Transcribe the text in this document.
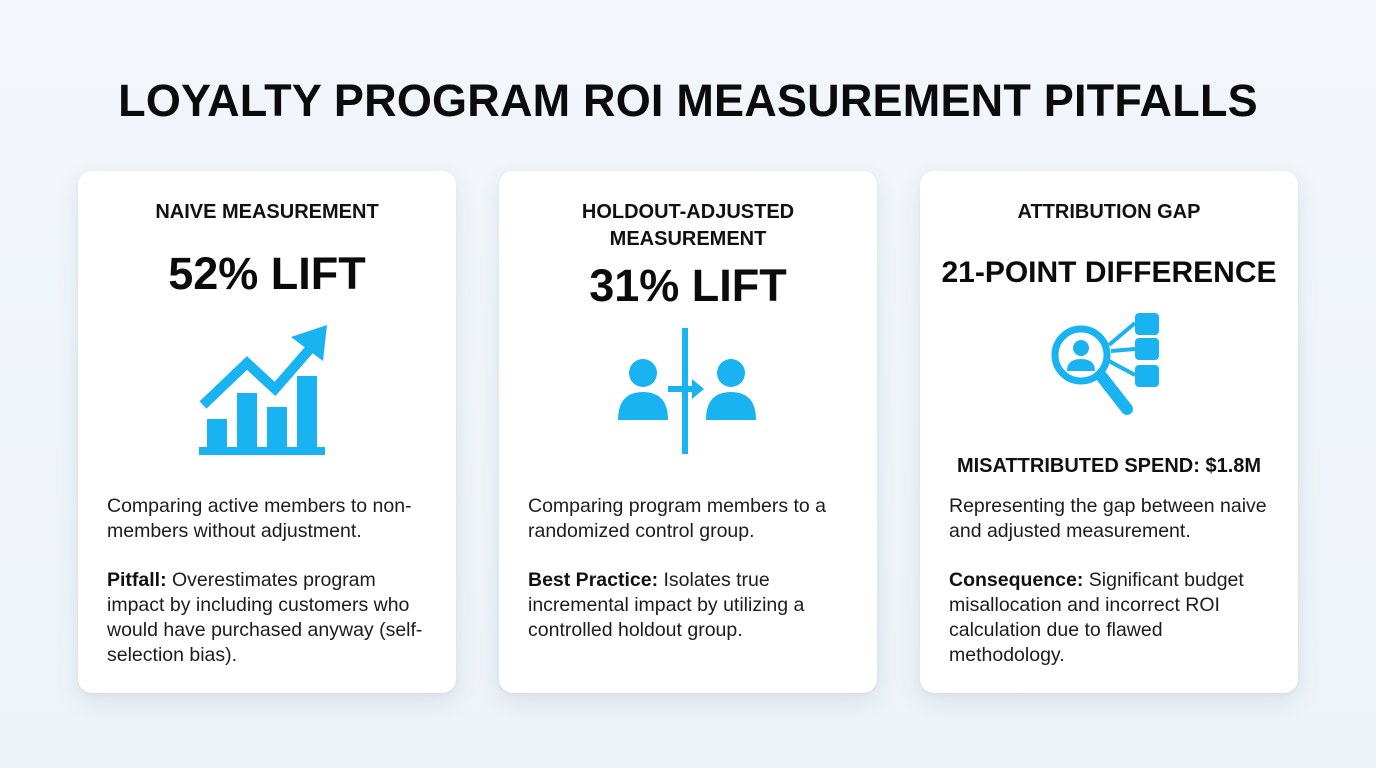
LOYALTY PROGRAM ROI MEASUREMENT PITFALLS
NAIVE MEASUREMENT
52% LIFT

Comparing active members to non-members without adjustment.

Pitfall: Overestimates program impact by including customers who would have purchased anyway (self-selection bias).

HOLDOUT-ADJUSTED MEASUREMENT
31% LIFT

Comparing program members to a randomized control group.

Best Practice: Isolates true incremental impact by utilizing a controlled holdout group.

ATTRIBUTION GAP
21-POINT DIFFERENCE
MISATTRIBUTED SPEND: $1.8M

Representing the gap between naive and adjusted measurement.

Consequence: Significant budget misallocation and incorrect ROI calculation due to flawed methodology.
